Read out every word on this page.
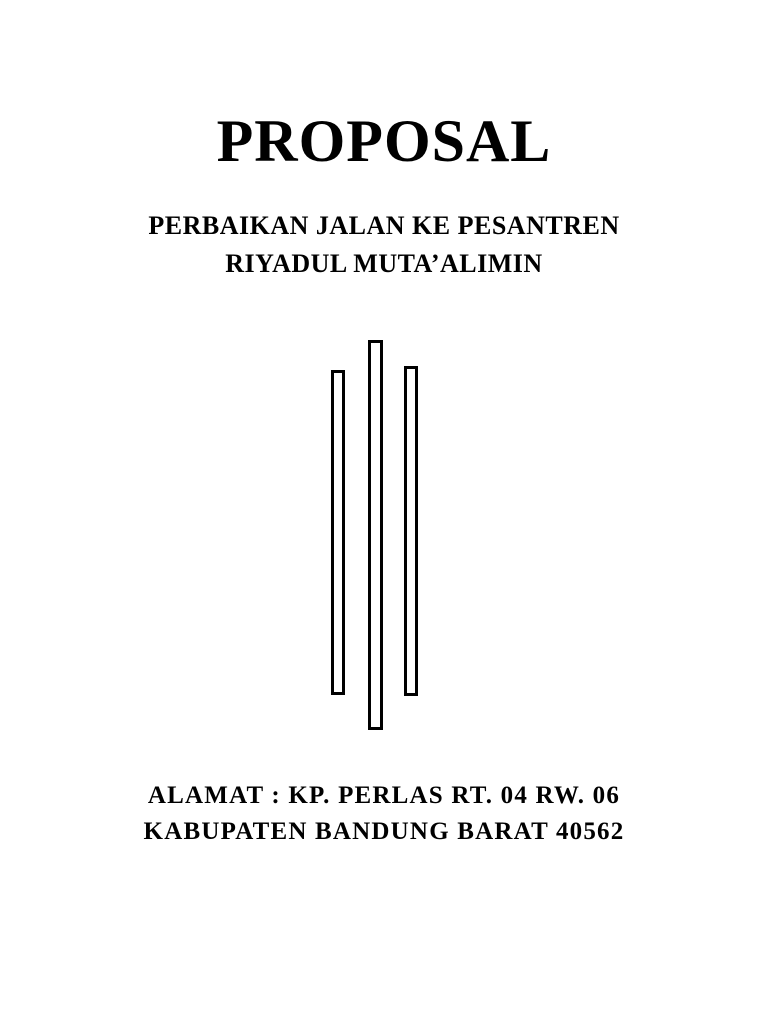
PROPOSAL
PERBAIKAN JALAN KE PESANTREN
RIYADUL MUTA’ALIMIN
ALAMAT : KP. PERLAS RT. 04 RW. 06
KABUPATEN BANDUNG BARAT 40562
